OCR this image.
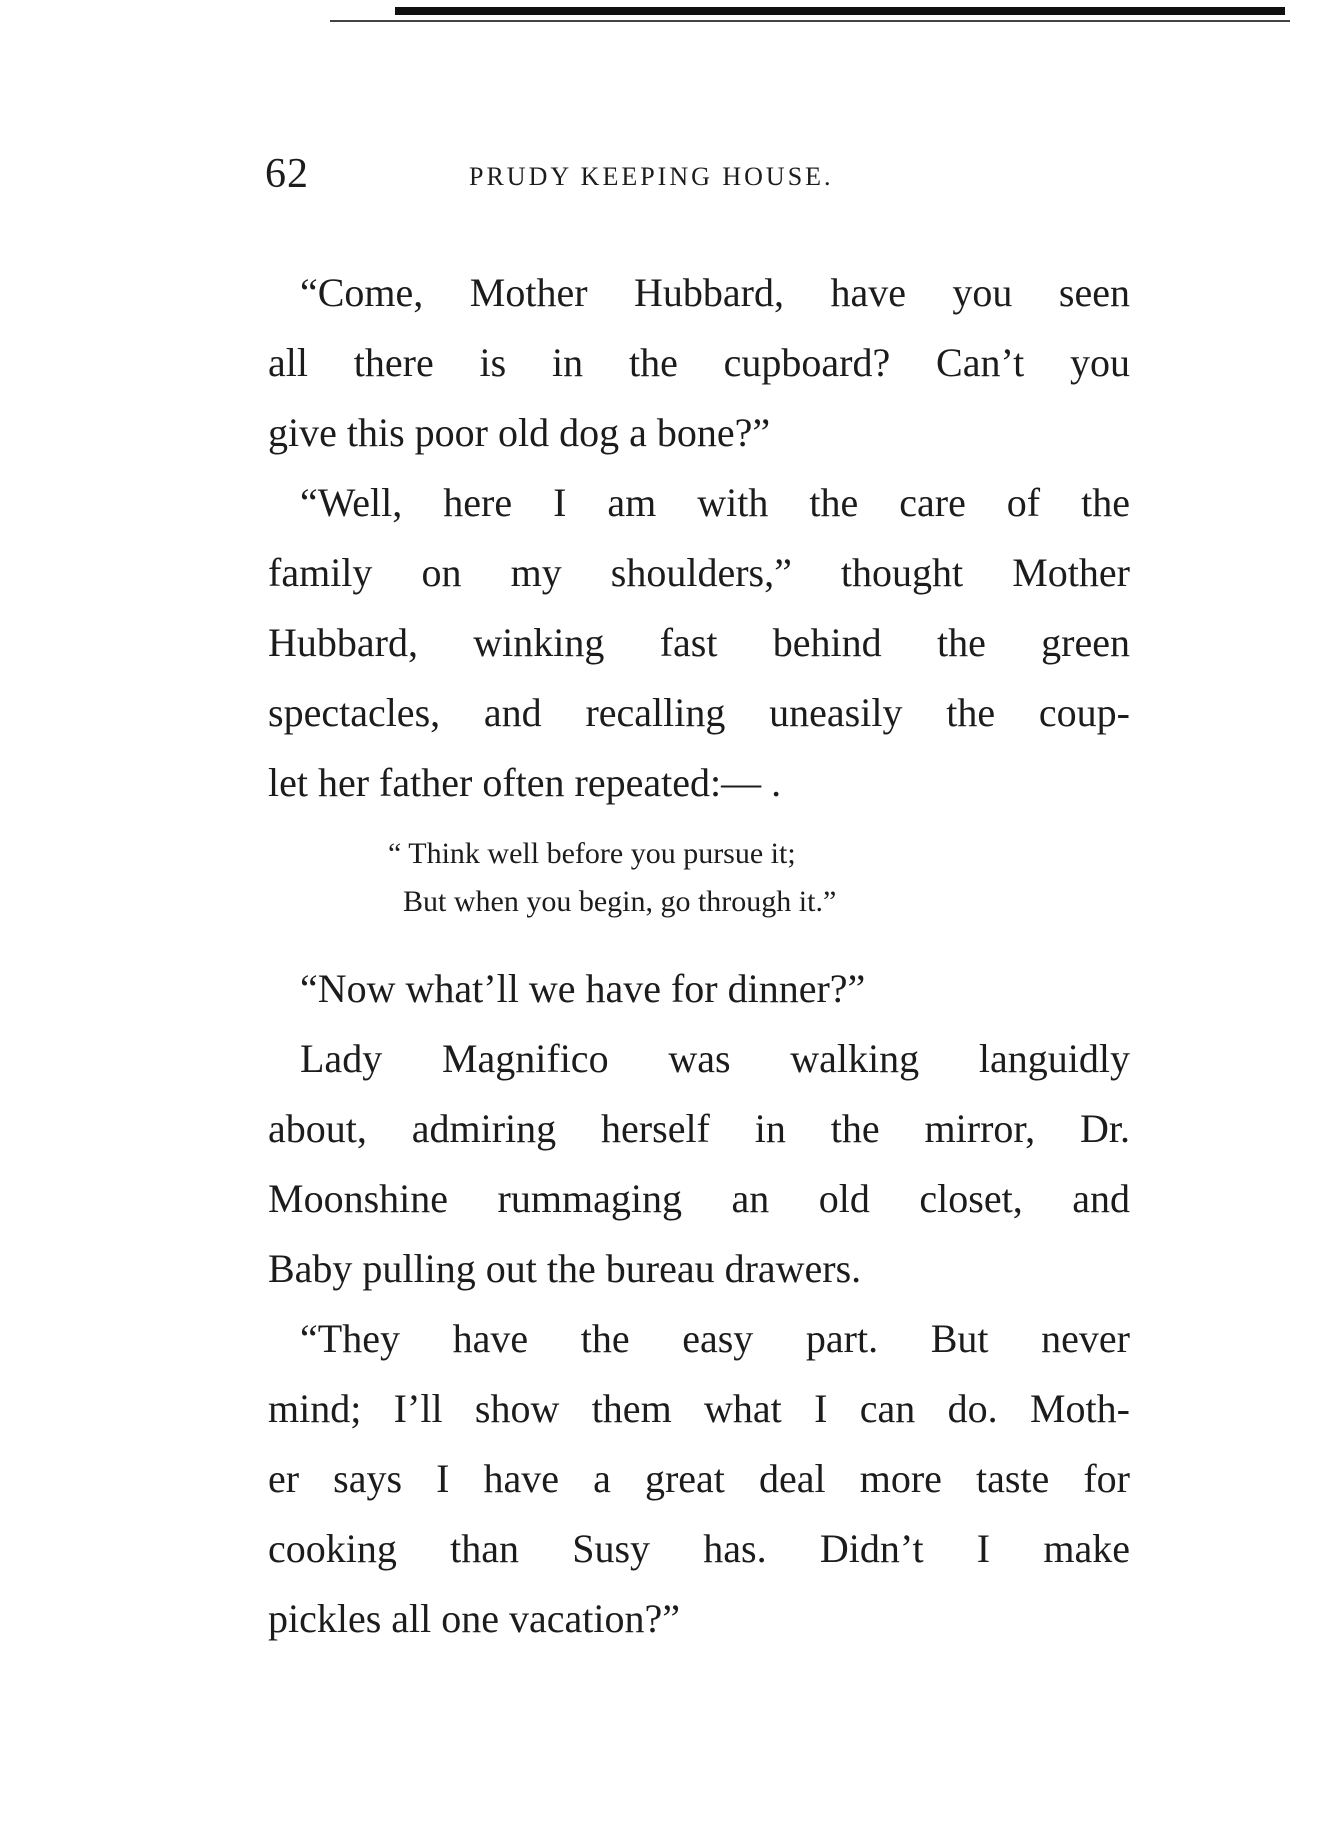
62	PRUDY KEEPING HOUSE.
“Come, Mother Hubbard, have you seen
all there is in the cupboard? Can’t you
give this poor old dog a bone?”
“Well, here I am with the care of the
family on my shoulders,” thought Mother
Hubbard, winking fast behind the green
spectacles, and recalling uneasily the coup-
let her father often repeated:— .
“ Think well before you pursue it;
But when you begin, go through it.”
“Now what’ll we have for dinner?”
Lady Magnifico was walking languidly
about, admiring herself in the mirror, Dr.
Moonshine rummaging an old closet, and
Baby pulling out the bureau drawers.
“They have the easy part. But never
mind; I’ll show them what I can do. Moth-
er says I have a great deal more taste for
cooking than Susy has. Didn’t I make
pickles all one vacation?”
